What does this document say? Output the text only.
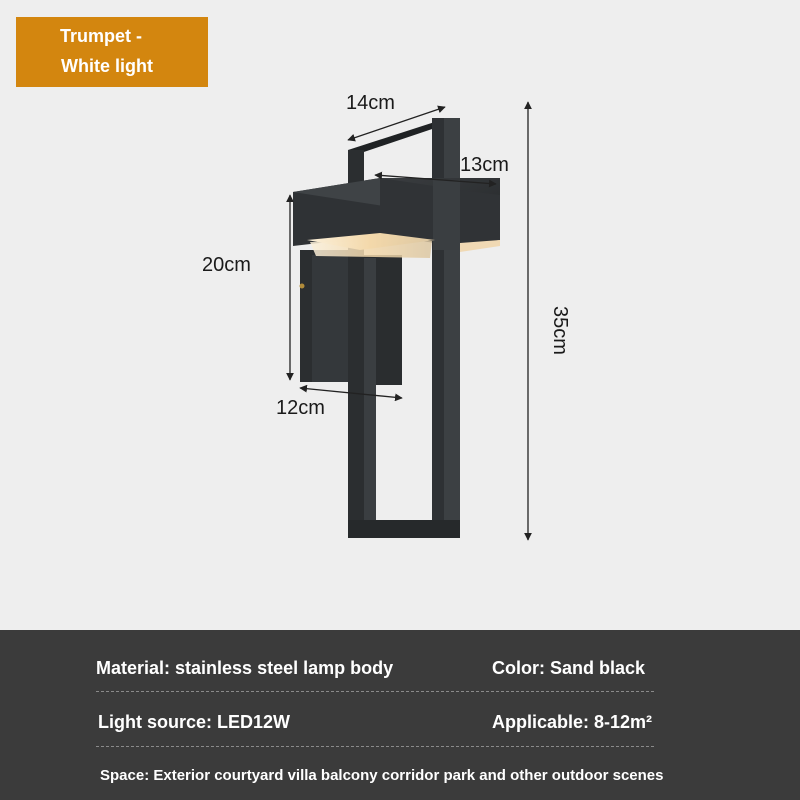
Trumpet -
White light
14cm
13cm
20cm
35cm
12cm
Material: stainless steel lamp body	Color: Sand black
Light source: LED12W	Applicable: 8-12m²
Space: Exterior courtyard villa balcony corridor park and other outdoor scenes
